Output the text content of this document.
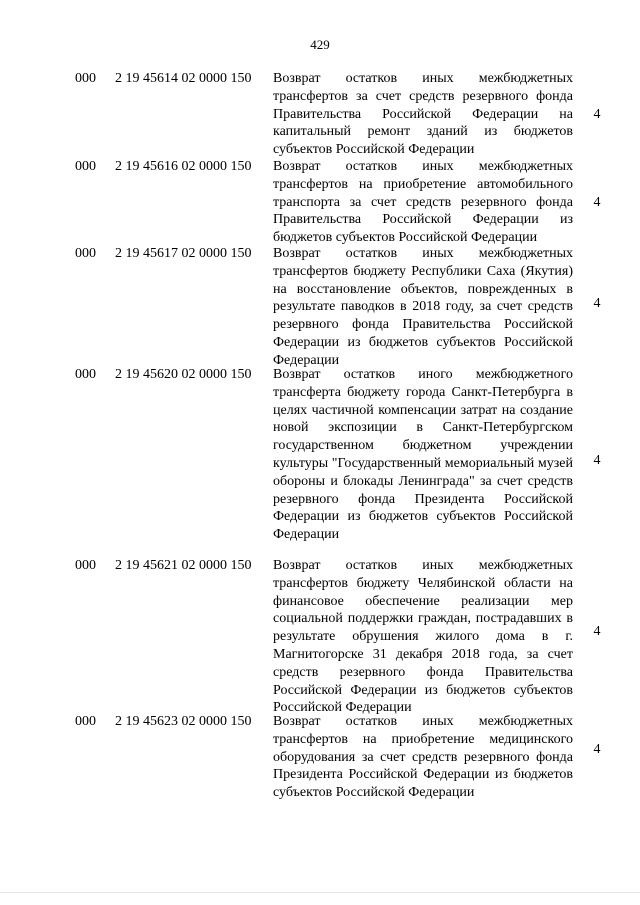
429
000 2 19 45614 02 0000 150 Возврат остатков иных межбюджетных трансфертов за счет средств резервного фонда Правительства Российской Федерации на капитальный ремонт зданий из бюджетов субъектов Российской Федерации
4
000 2 19 45616 02 0000 150 Возврат остатков иных межбюджетных трансфертов на приобретение автомобильного транспорта за счет средств резервного фонда Правительства Российской Федерации из бюджетов субъектов Российской Федерации
4
000 2 19 45617 02 0000 150 Возврат остатков иных межбюджетных трансфертов бюджету Республики Саха (Якутия) на восстановление объектов, поврежденных в результате паводков в 2018 году, за счет средств резервного фонда Правительства Российской Федерации из бюджетов субъектов Российской Федерации
4
000 2 19 45620 02 0000 150 Возврат остатков иного межбюджетного трансферта бюджету города Санкт-Петербурга в целях частичной компенсации затрат на создание новой экспозиции в Санкт-Петербургском государственном бюджетном учреждении культуры "Государственный мемориальный музей обороны и блокады Ленинграда" за счет средств резервного фонда Президента Российской Федерации из бюджетов субъектов Российской Федерации
4
000 2 19 45621 02 0000 150 Возврат остатков иных межбюджетных трансфертов бюджету Челябинской области на финансовое обеспечение реализации мер социальной поддержки граждан, пострадавших в результате обрушения жилого дома в г. Магнитогорске 31 декабря 2018 года, за счет средств резервного фонда Правительства Российской Федерации из бюджетов субъектов Российской Федерации
4
000 2 19 45623 02 0000 150 Возврат остатков иных межбюджетных трансфертов на приобретение медицинского оборудования за счет средств резервного фонда Президента Российской Федерации из бюджетов субъектов Российской Федерации
4
